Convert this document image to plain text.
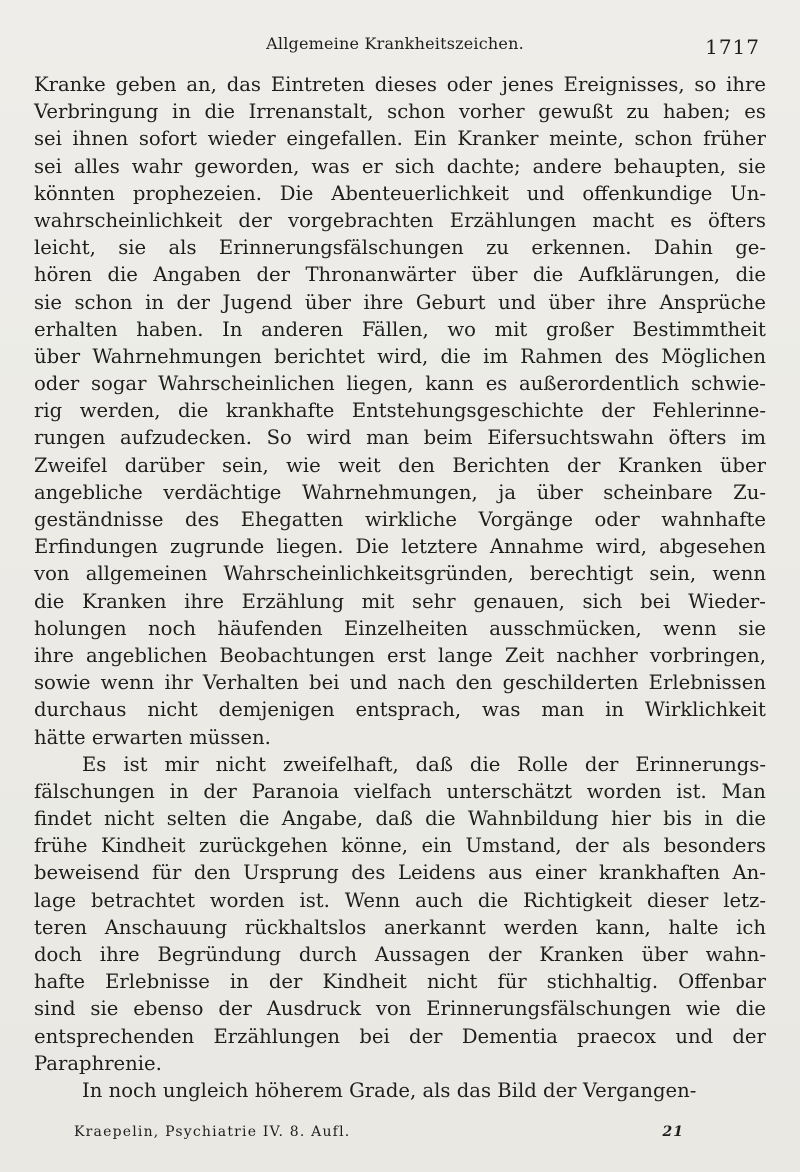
Allgemeine Krankheitszeichen.	1717
Kranke geben an, das Eintreten dieses oder jenes Ereignisses, so ihre
Verbringung in die Irrenanstalt, schon vorher gewußt zu haben; es
sei ihnen sofort wieder eingefallen. Ein Kranker meinte, schon früher
sei alles wahr geworden, was er sich dachte; andere behaupten, sie
könnten prophezeien. Die Abenteuerlichkeit und offenkundige Un-
wahrscheinlichkeit der vorgebrachten Erzählungen macht es öfters
leicht, sie als Erinnerungsfälschungen zu erkennen. Dahin ge-
hören die Angaben der Thronanwärter über die Aufklärungen, die
sie schon in der Jugend über ihre Geburt und über ihre Ansprüche
erhalten haben. In anderen Fällen, wo mit großer Bestimmtheit
über Wahrnehmungen berichtet wird, die im Rahmen des Möglichen
oder sogar Wahrscheinlichen liegen, kann es außerordentlich schwie-
rig werden, die krankhafte Entstehungsgeschichte der Fehlerinne-
rungen aufzudecken. So wird man beim Eifersuchtswahn öfters im
Zweifel darüber sein, wie weit den Berichten der Kranken über
angebliche verdächtige Wahrnehmungen, ja über scheinbare Zu-
geständnisse des Ehegatten wirkliche Vorgänge oder wahnhafte
Erfindungen zugrunde liegen. Die letztere Annahme wird, abgesehen
von allgemeinen Wahrscheinlichkeitsgründen, berechtigt sein, wenn
die Kranken ihre Erzählung mit sehr genauen, sich bei Wieder-
holungen noch häufenden Einzelheiten ausschmücken, wenn sie
ihre angeblichen Beobachtungen erst lange Zeit nachher vorbringen,
sowie wenn ihr Verhalten bei und nach den geschilderten Erlebnissen
durchaus nicht demjenigen entsprach, was man in Wirklichkeit
hätte erwarten müssen.
Es ist mir nicht zweifelhaft, daß die Rolle der Erinnerungs-
fälschungen in der Paranoia vielfach unterschätzt worden ist. Man
findet nicht selten die Angabe, daß die Wahnbildung hier bis in die
frühe Kindheit zurückgehen könne, ein Umstand, der als besonders
beweisend für den Ursprung des Leidens aus einer krankhaften An-
lage betrachtet worden ist. Wenn auch die Richtigkeit dieser letz-
teren Anschauung rückhaltslos anerkannt werden kann, halte ich
doch ihre Begründung durch Aussagen der Kranken über wahn-
hafte Erlebnisse in der Kindheit nicht für stichhaltig. Offenbar
sind sie ebenso der Ausdruck von Erinnerungsfälschungen wie die
entsprechenden Erzählungen bei der Dementia praecox und der
Paraphrenie.
In noch ungleich höherem Grade, als das Bild der Vergangen-
Kraepelin, Psychiatrie IV. 8. Aufl.	21
